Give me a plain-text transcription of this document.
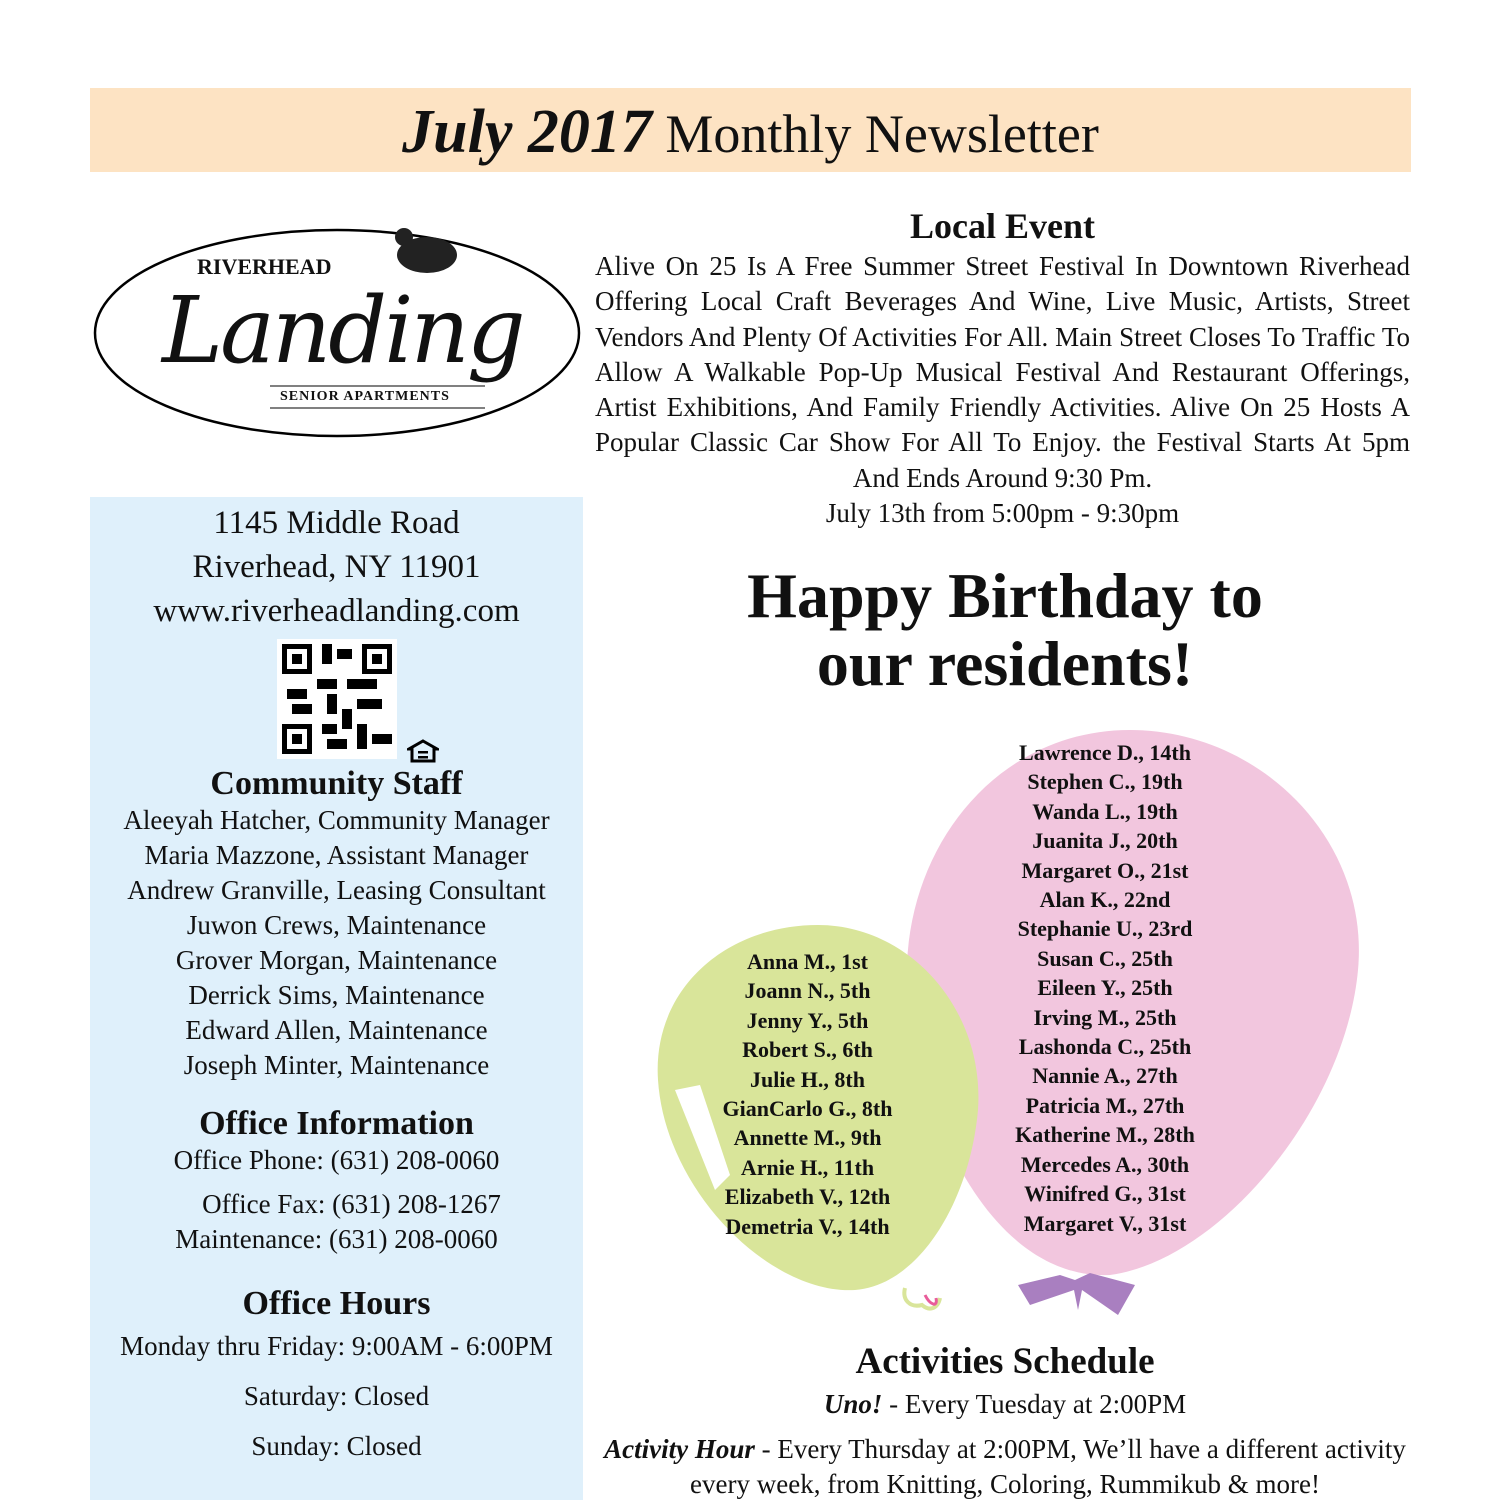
July 2017 Monthly Newsletter
RIVERHEAD
Landing
SENIOR APARTMENTS
1145 Middle Road
Riverhead, NY 11901
www.riverheadlanding.com
Community Staff
Aleeyah Hatcher, Community Manager
Maria Mazzone, Assistant Manager
Andrew Granville, Leasing Consultant
Juwon Crews, Maintenance
Grover Morgan, Maintenance
Derrick Sims, Maintenance
Edward Allen, Maintenance
Joseph Minter, Maintenance
Office Information
Office Phone: (631) 208-0060
Office Fax: (631) 208-1267
Maintenance: (631) 208-0060
Office Hours
Monday thru Friday: 9:00AM - 6:00PM
Saturday: Closed
Sunday: Closed
Local Event
Alive On 25 Is A Free Summer Street Festival In Downtown Riverhead Offering Local Craft Beverages And Wine, Live Music, Artists, Street Vendors And Plenty Of Activities For All. Main Street Closes To Traffic To Allow A Walkable Pop-Up Musical Festival And Restaurant Offerings, Artist Exhibitions, And Family Friendly Activities. Alive On 25 Hosts A Popular Classic Car Show For All To Enjoy. the Festival Starts At 5pm And Ends Around 9:30 Pm.
July 13th from 5:00pm - 9:30pm
Happy Birthday to
our residents!
Anna M., 1st
Joann N., 5th
Jenny Y., 5th
Robert S., 6th
Julie H., 8th
GianCarlo G., 8th
Annette M., 9th
Arnie H., 11th
Elizabeth V., 12th
Demetria V., 14th
Lawrence D., 14th
Stephen C., 19th
Wanda L., 19th
Juanita J., 20th
Margaret O., 21st
Alan K., 22nd
Stephanie U., 23rd
Susan C., 25th
Eileen Y., 25th
Irving M., 25th
Lashonda C., 25th
Nannie A., 27th
Patricia M., 27th
Katherine M., 28th
Mercedes A., 30th
Winifred G., 31st
Margaret V., 31st
Activities Schedule
Uno! - Every Tuesday at 2:00PM
Activity Hour - Every Thursday at 2:00PM, We’ll have a different activity every week, from Knitting, Coloring, Rummikub & more!
